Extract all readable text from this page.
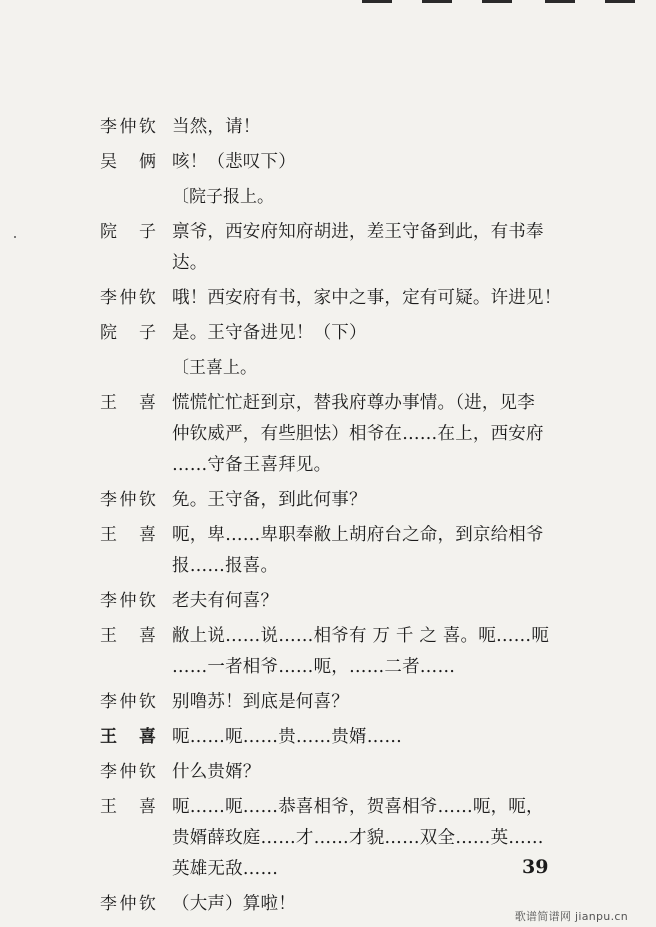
李仲钦 当然，请！
吴 俩 咳！（悲叹下）
〔院子报上。
院 子 禀爷，西安府知府胡进，差王守备到此，有书奉
达。
李仲钦 哦！西安府有书，家中之事，定有可疑。许进见！
院 子 是。王守备进见！（下）
〔王喜上。
王 喜 慌慌忙忙赶到京，替我府尊办事情。（进，见李
仲钦威严，有些胆怯）相爷在……在上，西安府
……守备王喜拜见。
李仲钦 免。王守备，到此何事？
王 喜 呃，卑……卑职奉敝上胡府台之命，到京给相爷
报……报喜。
李仲钦 老夫有何喜？
王 喜 敝上说……说……相爷有 万 千 之 喜。呃……呃
……一者相爷……呃，……二者……
李仲钦 别噜苏！到底是何喜？
王 喜 呃……呃……贵……贵婿……
李仲钦 什么贵婿？
王 喜 呃……呃……恭喜相爷，贺喜相爷……呃，呃，
贵婿薛玫庭……才……才貌……双全……英……
英雄无敌……
李仲钦 （大声）算啦！
39
歌谱简谱网 jianpu.cn
